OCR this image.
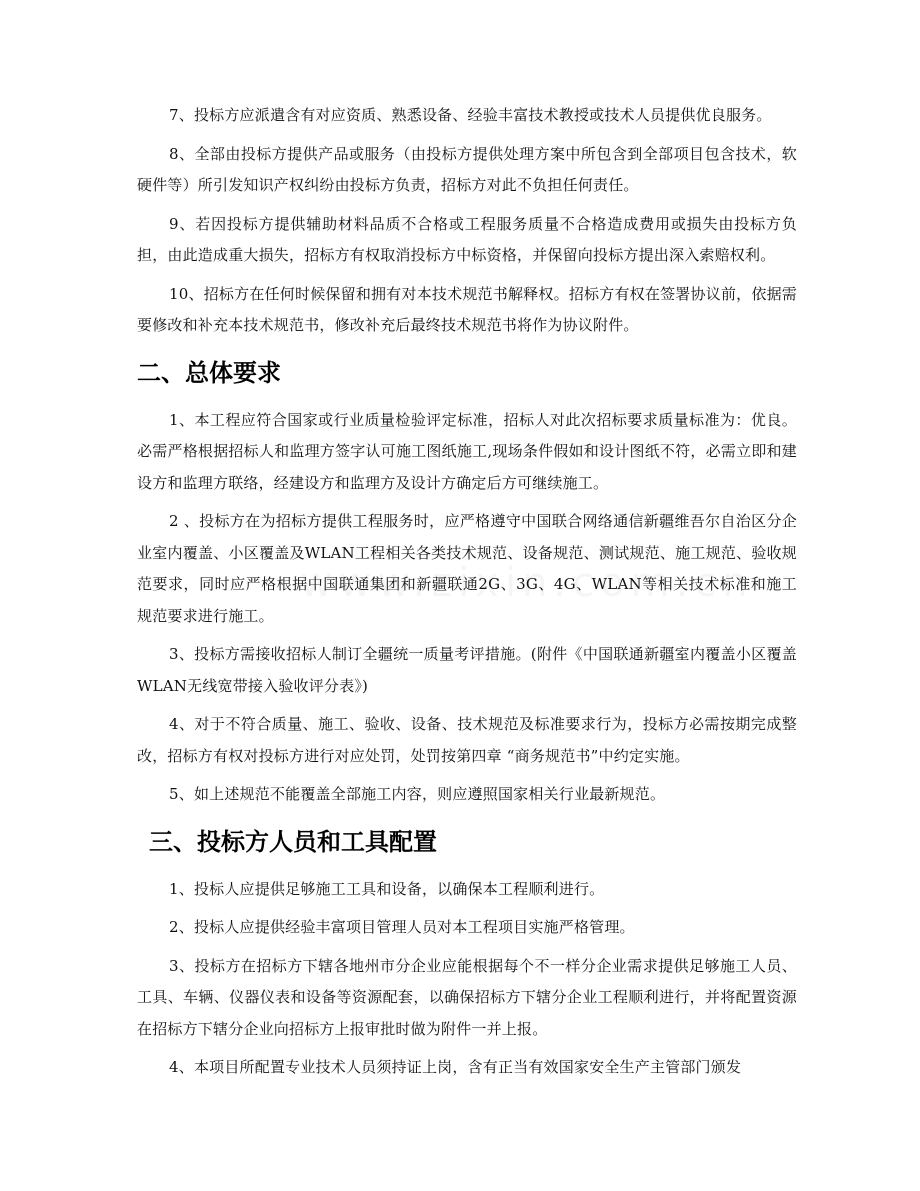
7、投标方应派遣含有对应资质、熟悉设备、经验丰富技术教授或技术人员提供优良服务。

8、全部由投标方提供产品或服务（由投标方提供处理方案中所包含到全部项目包含技术，软硬件等）所引发知识产权纠纷由投标方负责，招标方对此不负担任何责任。

9、若因投标方提供辅助材料品质不合格或工程服务质量不合格造成费用或损失由投标方负担，由此造成重大损失，招标方有权取消投标方中标资格，并保留向投标方提出深入索赔权利。

10、招标方在任何时候保留和拥有对本技术规范书解释权。招标方有权在签署协议前，依据需要修改和补充本技术规范书，修改补充后最终技术规范书将作为协议附件。

二、总体要求

1、本工程应符合国家或行业质量检验评定标准，招标人对此次招标要求质量标准为：优良。必需严格根据招标人和监理方签字认可施工图纸施工,现场条件假如和设计图纸不符，必需立即和建设方和监理方联络，经建设方和监理方及设计方确定后方可继续施工。

2 、投标方在为招标方提供工程服务时，应严格遵守中国联合网络通信新疆维吾尔自治区分企业室内覆盖、小区覆盖及WLAN工程相关各类技术规范、设备规范、测试规范、施工规范、验收规范要求，同时应严格根据中国联通集团和新疆联通2G、3G、4G、WLAN等相关技术标准和施工规范要求进行施工。

3、投标方需接收招标人制订全疆统一质量考评措施。(附件《中国联通新疆室内覆盖小区覆盖WLAN无线宽带接入验收评分表》)

4、对于不符合质量、施工、验收、设备、技术规范及标准要求行为，投标方必需按期完成整改，招标方有权对投标方进行对应处罚，处罚按第四章 “商务规范书”中约定实施。

5、如上述规范不能覆盖全部施工内容，则应遵照国家相关行业最新规范。

三、投标方人员和工具配置

1、投标人应提供足够施工工具和设备，以确保本工程顺利进行。

2、投标人应提供经验丰富项目管理人员对本工程项目实施严格管理。

3、投标方在招标方下辖各地州市分企业应能根据每个不一样分企业需求提供足够施工人员、工具、车辆、仪器仪表和设备等资源配套，以确保招标方下辖分企业工程顺利进行，并将配置资源在招标方下辖分企业向招标方上报审批时做为附件一并上报。

4、本项目所配置专业技术人员须持证上岗，含有正当有效国家安全生产主管部门颁发
